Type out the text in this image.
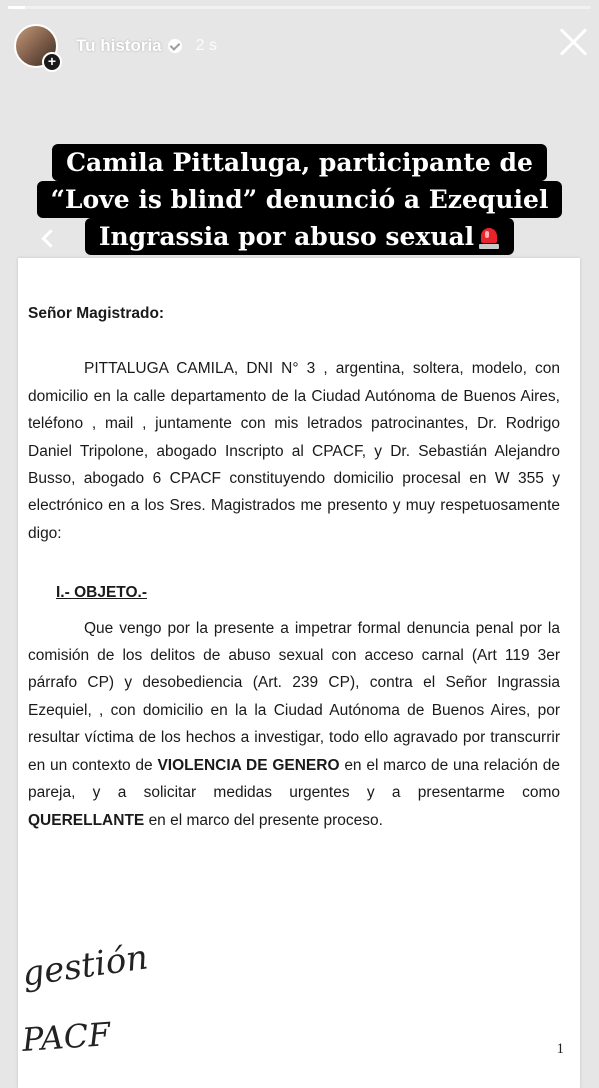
+
Tu historia 2 s

Señor Magistrado:

PITTALUGA CAMILA, DNI N° 3 , argentina, soltera, modelo, con domicilio en la calle departamento de la Ciudad Autónoma de Buenos Aires, teléfono , mail , juntamente con mis letrados patrocinantes, Dr. Rodrigo Daniel Tripolone, abogado Inscripto al CPACF, y Dr. Sebastián Alejandro Busso, abogado 6 CPACF constituyendo domicilio procesal en W 355 y electrónico en a los Sres. Magistrados me presento y muy respetuosamente digo:

I.- OBJETO.-

Que vengo por la presente a impetrar formal denuncia penal por la comisión de los delitos de abuso sexual con acceso carnal (Art 119 3er párrafo CP) y desobediencia (Art. 239 CP), contra el Señor Ingrassia Ezequiel, , con domicilio en la la Ciudad Autónoma de Buenos Aires, por resultar víctima de los hechos a investigar, todo ello agravado por transcurrir en un contexto de VIOLENCIA DE GENERO en el marco de una relación de pareja, y a solicitar medidas urgentes y a presentarme como QUERELLANTE en el marco del presente proceso.

gestión
PACF	1
Camila Pittaluga, participante de
“Love is blind” denunció a Ezequiel
Ingrassia por abuso sexual
